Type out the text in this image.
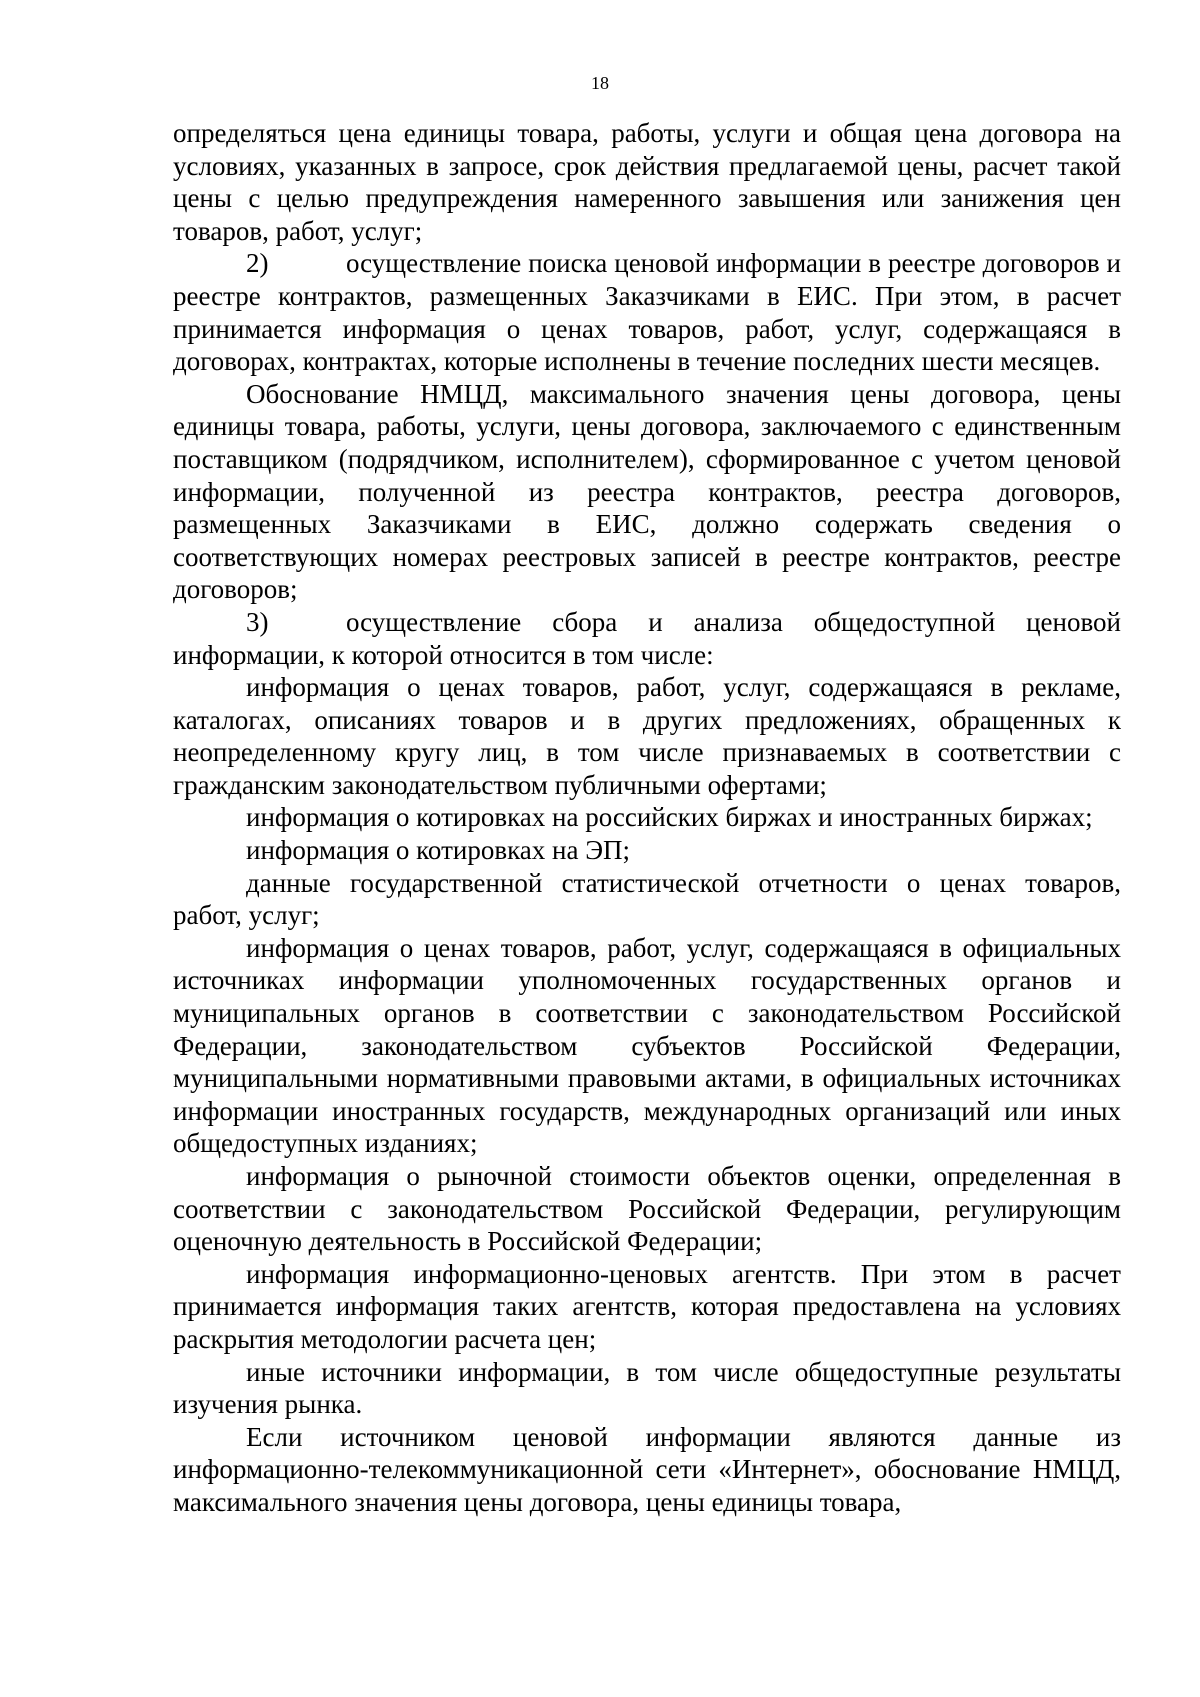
18

определяться цена единицы товара, работы, услуги и общая цена договора на условиях, указанных в запросе, срок действия предлагаемой цены, расчет такой цены с целью предупреждения намеренного завышения или занижения цен товаров, работ, услуг;

2)	осуществление поиска ценовой информации в реестре договоров и реестре контрактов, размещенных Заказчиками в ЕИС. При этом, в расчет принимается информация о ценах товаров, работ, услуг, содержащаяся в договорах, контрактах, которые исполнены в течение последних шести месяцев.

Обоснование НМЦД, максимального значения цены договора, цены единицы товара, работы, услуги, цены договора, заключаемого с единственным поставщиком (подрядчиком, исполнителем), сформированное с учетом ценовой информации, полученной из реестра контрактов, реестра договоров, размещенных Заказчиками в ЕИС, должно содержать сведения о соответствующих номерах реестровых записей в реестре контрактов, реестре договоров;

3)	осуществление сбора и анализа общедоступной ценовой информации, к которой относится в том числе:

информация о ценах товаров, работ, услуг, содержащаяся в рекламе, каталогах, описаниях товаров и в других предложениях, обращенных к неопределенному кругу лиц, в том числе признаваемых в соответствии с гражданским законодательством публичными офертами;

информация о котировках на российских биржах и иностранных биржах;

информация о котировках на ЭП;

данные государственной статистической отчетности о ценах товаров, работ, услуг;

информация о ценах товаров, работ, услуг, содержащаяся в официальных источниках информации уполномоченных государственных органов и муниципальных органов в соответствии с законодательством Российской Федерации, законодательством субъектов Российской Федерации, муниципальными нормативными правовыми актами, в официальных источниках информации иностранных государств, международных организаций или иных общедоступных изданиях;

информация о рыночной стоимости объектов оценки, определенная в соответствии с законодательством Российской Федерации, регулирующим оценочную деятельность в Российской Федерации;

информация информационно-ценовых агентств. При этом в расчет принимается информация таких агентств, которая предоставлена на условиях раскрытия методологии расчета цен;

иные источники информации, в том числе общедоступные результаты изучения рынка.

Если источником ценовой информации являются данные из информационно-телекоммуникационной сети «Интернет», обоснование НМЦД, максимального значения цены договора, цены единицы товара,
